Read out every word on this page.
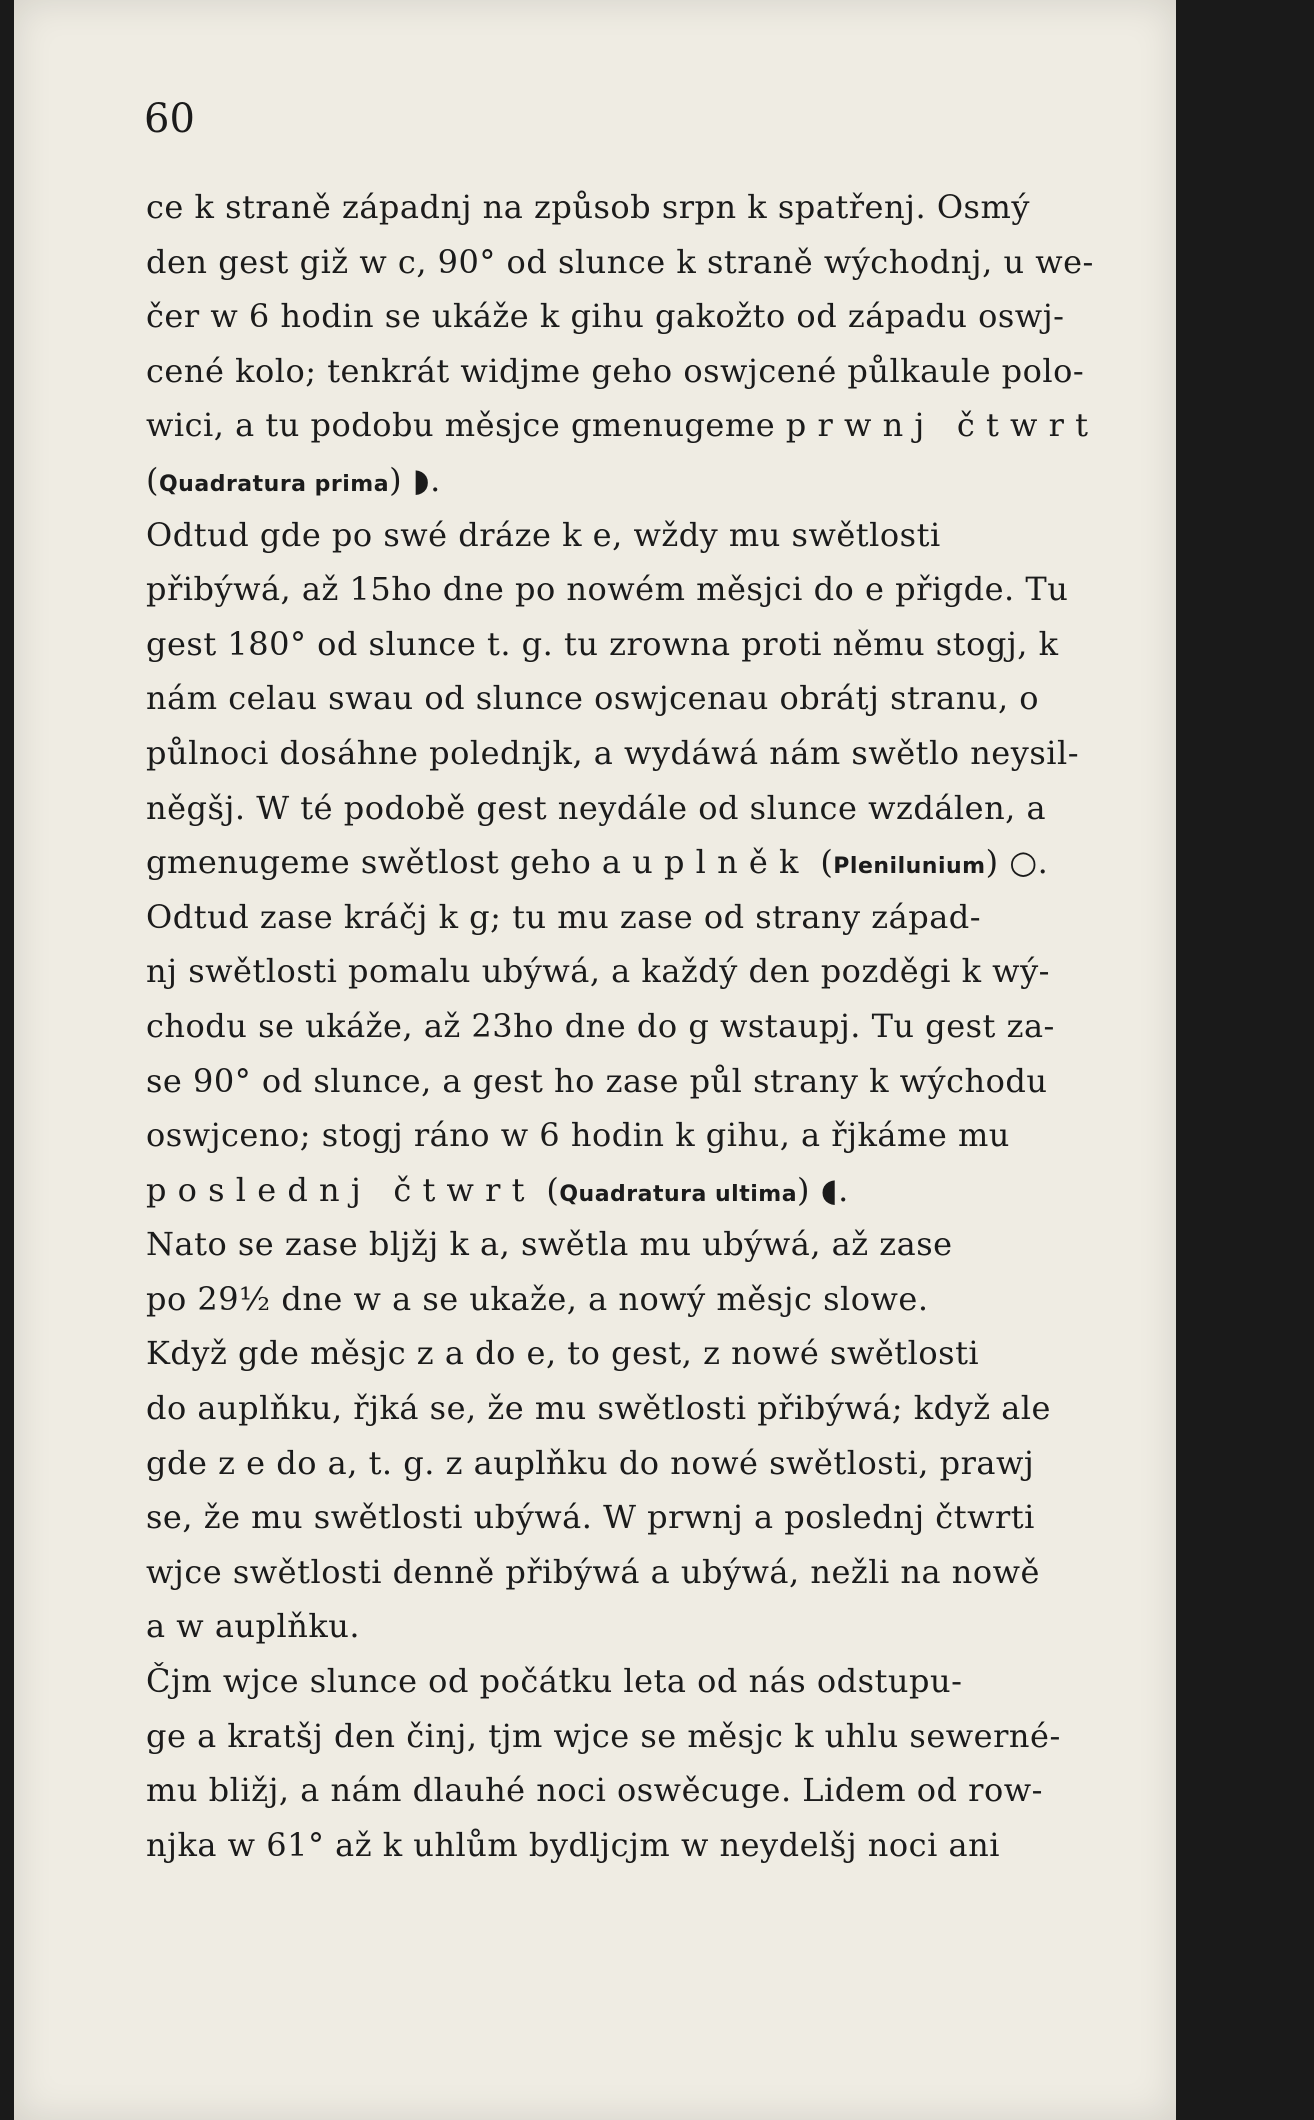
60
ce k straně západnj na způsob srpn k spatřenj. Osmý
den gest giž w c, 90° od slunce k straně wýchodnj, u we-
čer w 6 hodin se ukáže k gihu gakožto od západu oswj-
cené kolo; tenkrát widjme geho oswjcené půlkaule polo-
wici, a tu podobu měsjce gmenugeme prwnj čtwrt
(Quadratura prima) ◗.
Odtud gde po swé dráze k e, wždy mu swětlosti
přibýwá, až 15ho dne po nowém měsjci do e přigde. Tu
gest 180° od slunce t. g. tu zrowna proti němu stogj, k
nám celau swau od slunce oswjcenau obrátj stranu, o
půlnoci dosáhne polednjk, a wydáwá nám swětlo neysil-
něgšj. W té podobě gest neydále od slunce wzdálen, a
gmenugeme swětlost geho auplněk (Plenilunium) ○.
Odtud zase kráčj k g; tu mu zase od strany západ-
nj swětlosti pomalu ubýwá, a každý den pozděgi k wý-
chodu se ukáže, až 23ho dne do g wstaupj. Tu gest za-
se 90° od slunce, a gest ho zase půl strany k wýchodu
oswjceno; stogj ráno w 6 hodin k gihu, a řjkáme mu
poslednj čtwrt (Quadratura ultima) ◖.
Nato se zase bljžj k a, swětla mu ubýwá, až zase
po 29½ dne w a se ukaže, a nowý měsjc slowe.
Když gde měsjc z a do e, to gest, z nowé swětlosti
do auplňku, řjká se, že mu swětlosti přibýwá; když ale
gde z e do a, t. g. z auplňku do nowé swětlosti, prawj
se, že mu swětlosti ubýwá. W prwnj a poslednj čtwrti
wjce swětlosti denně přibýwá a ubýwá, nežli na nowě
a w auplňku.
Čjm wjce slunce od počátku leta od nás odstupu-
ge a kratšj den činj, tjm wjce se měsjc k uhlu sewerné-
mu bližj, a nám dlauhé noci oswěcuge. Lidem od row-
njka w 61° až k uhlům bydljcjm w neydelšj noci ani
